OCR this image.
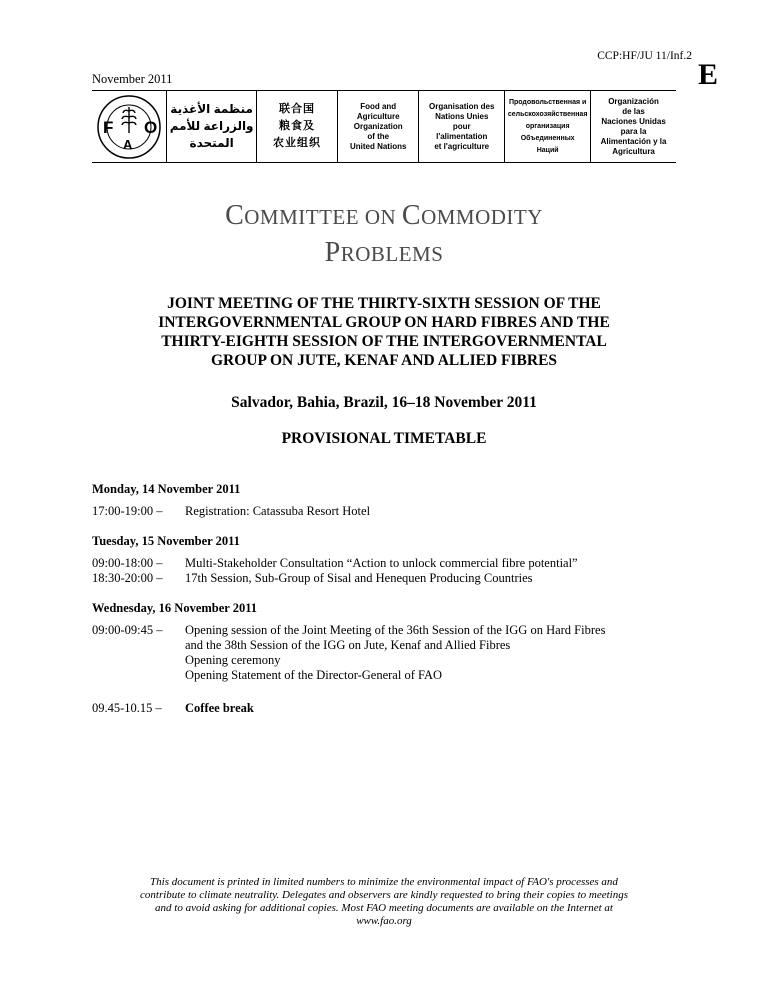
CCP:HF/JU 11/Inf.2
E
November 2011
F
A
O
منظمة الأغذية
والزراعة للأمم
المتحدة
联合国
粮食及
农业组织
Food and
Agriculture
Organization
of the
United Nations
Organisation des
Nations Unies
pour
l'alimentation
et l'agriculture
Продовольственная и
сельскохозяйственная
организация
Объединенных
Наций
Organización
de las
Naciones Unidas
para la
Alimentación y la
Agricultura
COMMITTEE ON COMMODITY
PROBLEMS
JOINT MEETING OF THE THIRTY-SIXTH SESSION OF THE
INTERGOVERNMENTAL GROUP ON HARD FIBRES AND THE
THIRTY-EIGHTH SESSION OF THE INTERGOVERNMENTAL
GROUP ON JUTE, KENAF AND ALLIED FIBRES
Salvador, Bahia, Brazil, 16–18 November 2011
PROVISIONAL TIMETABLE
Monday, 14 November 2011
17:00-19:00 –	Registration: Catassuba Resort Hotel
Tuesday, 15 November 2011
09:00-18:00 –	Multi-Stakeholder Consultation “Action to unlock commercial fibre potential”
18:30-20:00 –	17th Session, Sub-Group of Sisal and Henequen Producing Countries
Wednesday, 16 November 2011
09:00-09:45 –	Opening session of the Joint Meeting of the 36th Session of the IGG on Hard Fibres
and the 38th Session of the IGG on Jute, Kenaf and Allied Fibres
Opening ceremony
Opening Statement of the Director-General of FAO
09.45-10.15 –	Coffee break
This document is printed in limited numbers to minimize the environmental impact of FAO's processes and
contribute to climate neutrality. Delegates and observers are kindly requested to bring their copies to meetings
and to avoid asking for additional copies. Most FAO meeting documents are available on the Internet at
www.fao.org
